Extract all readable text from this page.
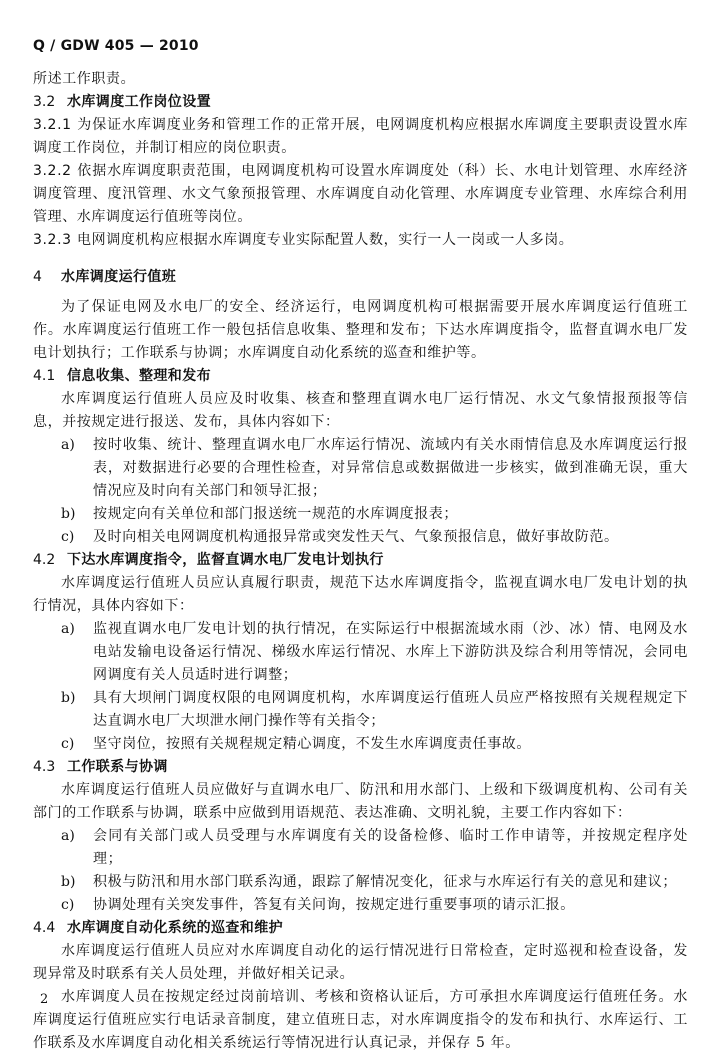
Q / GDW 405 — 2010

所述工作职责。

3.2 水库调度工作岗位设置
3.2.1 为保证水库调度业务和管理工作的正常开展，电网调度机构应根据水库调度主要职责设置水库调度工作岗位，并制订相应的岗位职责。
3.2.2 依据水库调度职责范围，电网调度机构可设置水库调度处（科）长、水电计划管理、水库经济调度管理、度汛管理、水文气象预报管理、水库调度自动化管理、水库调度专业管理、水库综合利用管理、水库调度运行值班等岗位。
3.2.3 电网调度机构应根据水库调度专业实际配置人数，实行一人一岗或一人多岗。
4	水库调度运行值班

为了保证电网及水电厂的安全、经济运行，电网调度机构可根据需要开展水库调度运行值班工作。水库调度运行值班工作一般包括信息收集、整理和发布；下达水库调度指令，监督直调水电厂发电计划执行；工作联系与协调；水库调度自动化系统的巡查和维护等。

4.1 信息收集、整理和发布

水库调度运行值班人员应及时收集、核查和整理直调水电厂运行情况、水文气象情报预报等信息，并按规定进行报送、发布，具体内容如下：

a)	按时收集、统计、整理直调水电厂水库运行情况、流域内有关水雨情信息及水库调度运行报表，对数据进行必要的合理性检查，对异常信息或数据做进一步核实，做到准确无误，重大情况应及时向有关部门和领导汇报；
b)	按规定向有关单位和部门报送统一规范的水库调度报表；
c)	及时向相关电网调度机构通报异常或突发性天气、气象预报信息，做好事故防范。
4.2 下达水库调度指令，监督直调水电厂发电计划执行

水库调度运行值班人员应认真履行职责，规范下达水库调度指令，监视直调水电厂发电计划的执行情况，具体内容如下：

a)	监视直调水电厂发电计划的执行情况，在实际运行中根据流域水雨（沙、冰）情、电网及水电站发输电设备运行情况、梯级水库运行情况、水库上下游防洪及综合利用等情况，会同电网调度有关人员适时进行调整；
b)	具有大坝闸门调度权限的电网调度机构，水库调度运行值班人员应严格按照有关规程规定下达直调水电厂大坝泄水闸门操作等有关指令；
c)	坚守岗位，按照有关规程规定精心调度，不发生水库调度责任事故。
4.3 工作联系与协调

水库调度运行值班人员应做好与直调水电厂、防汛和用水部门、上级和下级调度机构、公司有关部门的工作联系与协调，联系中应做到用语规范、表达准确、文明礼貌，主要工作内容如下：

a)	会同有关部门或人员受理与水库调度有关的设备检修、临时工作申请等，并按规定程序处理；
b)	积极与防汛和用水部门联系沟通，跟踪了解情况变化，征求与水库运行有关的意见和建议；
c)	协调处理有关突发事件，答复有关问询，按规定进行重要事项的请示汇报。
4.4 水库调度自动化系统的巡查和维护

水库调度运行值班人员应对水库调度自动化的运行情况进行日常检查，定时巡视和检查设备，发现异常及时联系有关人员处理，并做好相关记录。

水库调度人员在按规定经过岗前培训、考核和资格认证后，方可承担水库调度运行值班任务。水库调度运行值班应实行电话录音制度，建立值班日志，对水库调度指令的发布和执行、水库运行、工作联系及水库调度自动化相关系统运行等情况进行认真记录，并保存 5 年。

2
